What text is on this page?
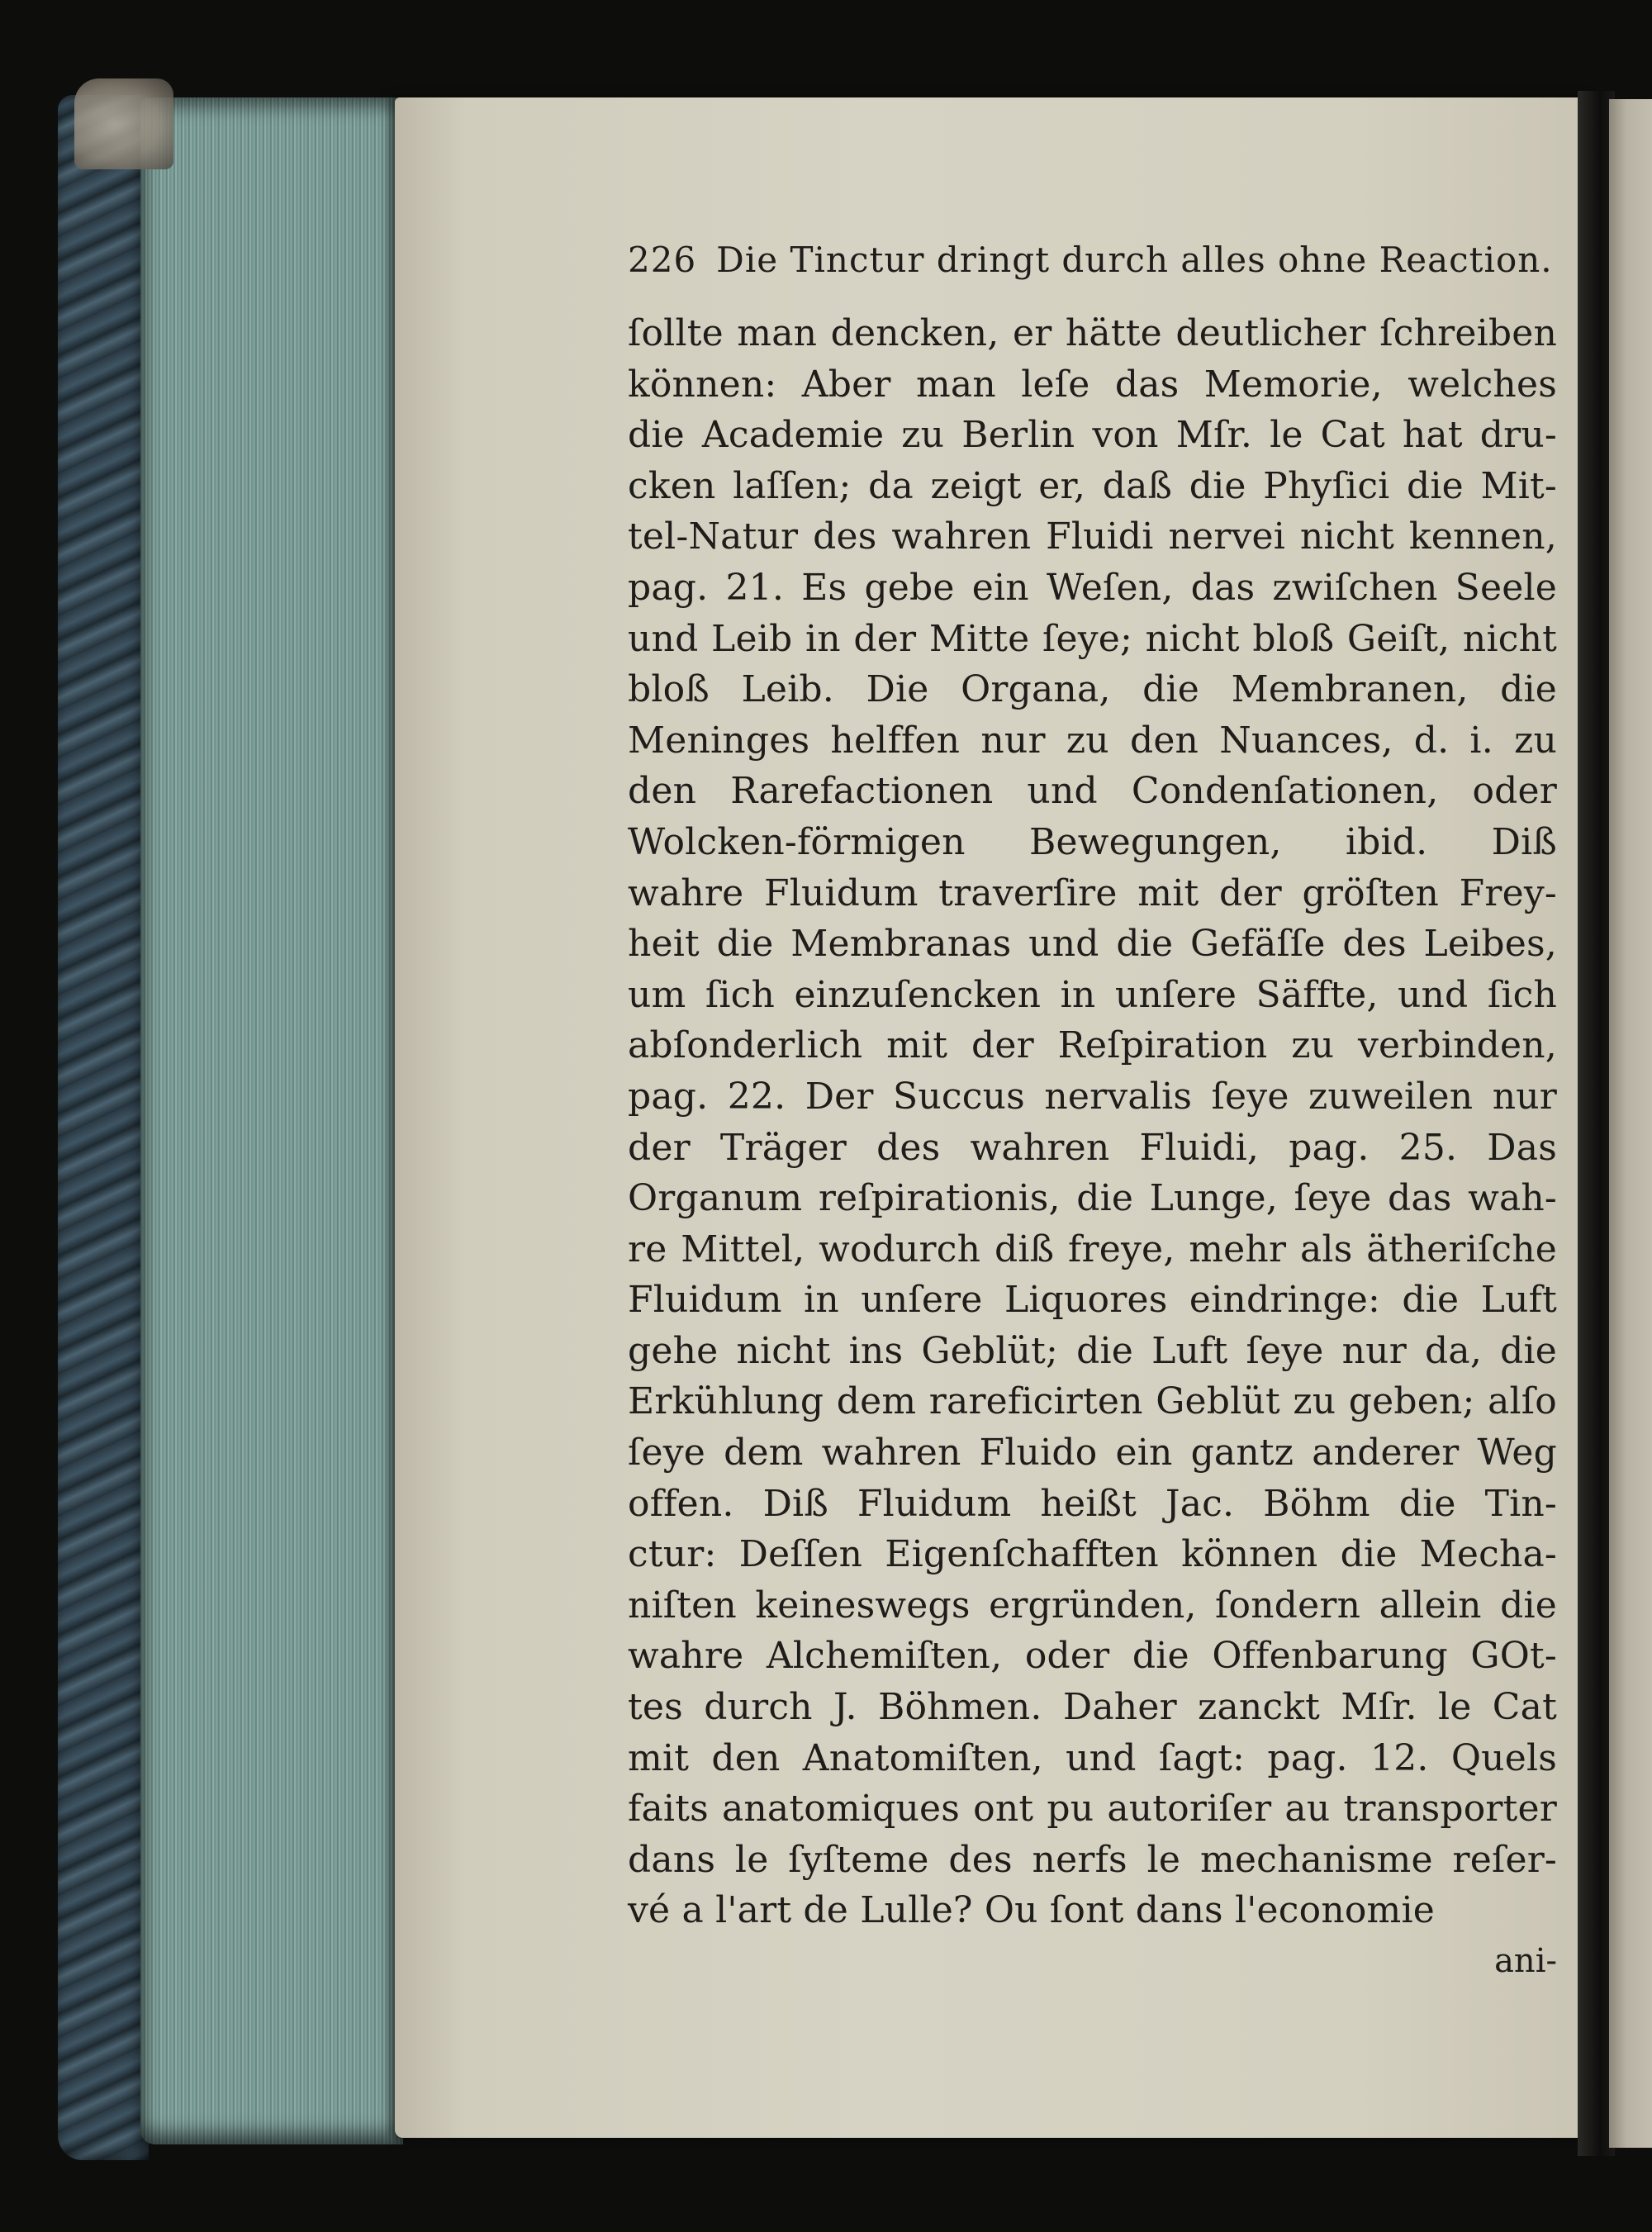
226 Die Tinctur dringt durch alles ohne Reaction.
ſollte man dencken, er hätte deutlicher ſchreiben
können: Aber man leſe das Memorie, welches
die Academie zu Berlin von Mſr. le Cat hat dru-
cken laſſen; da zeigt er, daß die Phyſici die Mit-
tel-Natur des wahren Fluidi nervei nicht kennen,
pag. 21. Es gebe ein Weſen, das zwiſchen Seele
und Leib in der Mitte ſeye; nicht bloß Geiſt, nicht
bloß Leib. Die Organa, die Membranen, die
Meninges helffen nur zu den Nuances, d. i. zu
den Rarefactionen und Condenſationen, oder
Wolcken-förmigen Bewegungen, ibid. Diß
wahre Fluidum traverſire mit der gröſten Frey-
heit die Membranas und die Gefäſſe des Leibes,
um ſich einzuſencken in unſere Säffte, und ſich
abſonderlich mit der Reſpiration zu verbinden,
pag. 22. Der Succus nervalis ſeye zuweilen nur
der Träger des wahren Fluidi, pag. 25. Das
Organum reſpirationis, die Lunge, ſeye das wah-
re Mittel, wodurch diß freye, mehr als ätheriſche
Fluidum in unſere Liquores eindringe: die Luft
gehe nicht ins Geblüt; die Luft ſeye nur da, die
Erkühlung dem rareficirten Geblüt zu geben; alſo
ſeye dem wahren Fluido ein gantz anderer Weg
offen. Diß Fluidum heißt Jac. Böhm die Tin-
ctur: Deſſen Eigenſchafften können die Mecha-
niſten keineswegs ergründen, ſondern allein die
wahre Alchemiſten, oder die Offenbarung GOt-
tes durch J. Böhmen. Daher zanckt Mſr. le Cat
mit den Anatomiſten, und ſagt: pag. 12. Quels
faits anatomiques ont pu autoriſer au transporter
dans le ſyſteme des nerfs le mechanisme reſer-
vé a l'art de Lulle? Ou ſont dans l'economie
ani-
